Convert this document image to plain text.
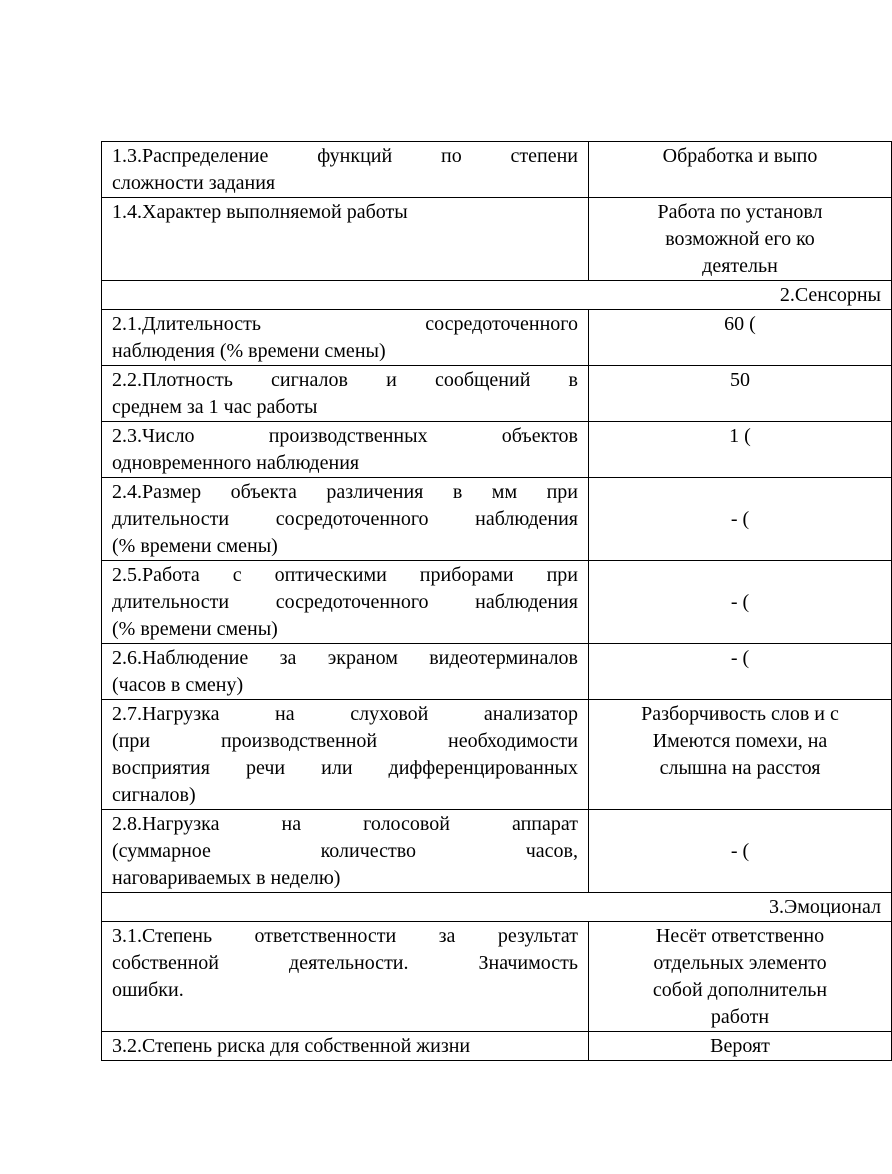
1.3.Распределение функций по степени
сложности задания	Обработка и выпо

1.4.Характер выполняемой работы	Работа по установл
возможной его ко
деятельн

2.Сенсорны	

2.1.Длительность сосредоточенного
наблюдения (% времени смены)	60 (

2.2.Плотность сигналов и сообщений в
среднем за 1 час работы	50

2.3.Число производственных объектов
одновременного наблюдения	1 (

2.4.Размер объекта различения в мм при
длительности сосредоточенного наблюдения
(% времени смены)	- (

2.5.Работа с оптическими приборами при
длительности сосредоточенного наблюдения
(% времени смены)	- (

2.6.Наблюдение за экраном видеотерминалов
(часов в смену)	- (

2.7.Нагрузка на слуховой анализатор
(при производственной необходимости
восприятия речи или дифференцированных
сигналов)	Разборчивость слов и с
Имеются помехи, на
слышна на расстоя

2.8.Нагрузка на голосовой аппарат
(суммарное количество часов,
наговариваемых в неделю)	- (

3.Эмоционал	

3.1.Степень ответственности за результат
собственной деятельности. Значимость
ошибки.	Несёт ответственно
отдельных элементо
собой дополнительн
работн

3.2.Степень риска для собственной жизни	Вероят
